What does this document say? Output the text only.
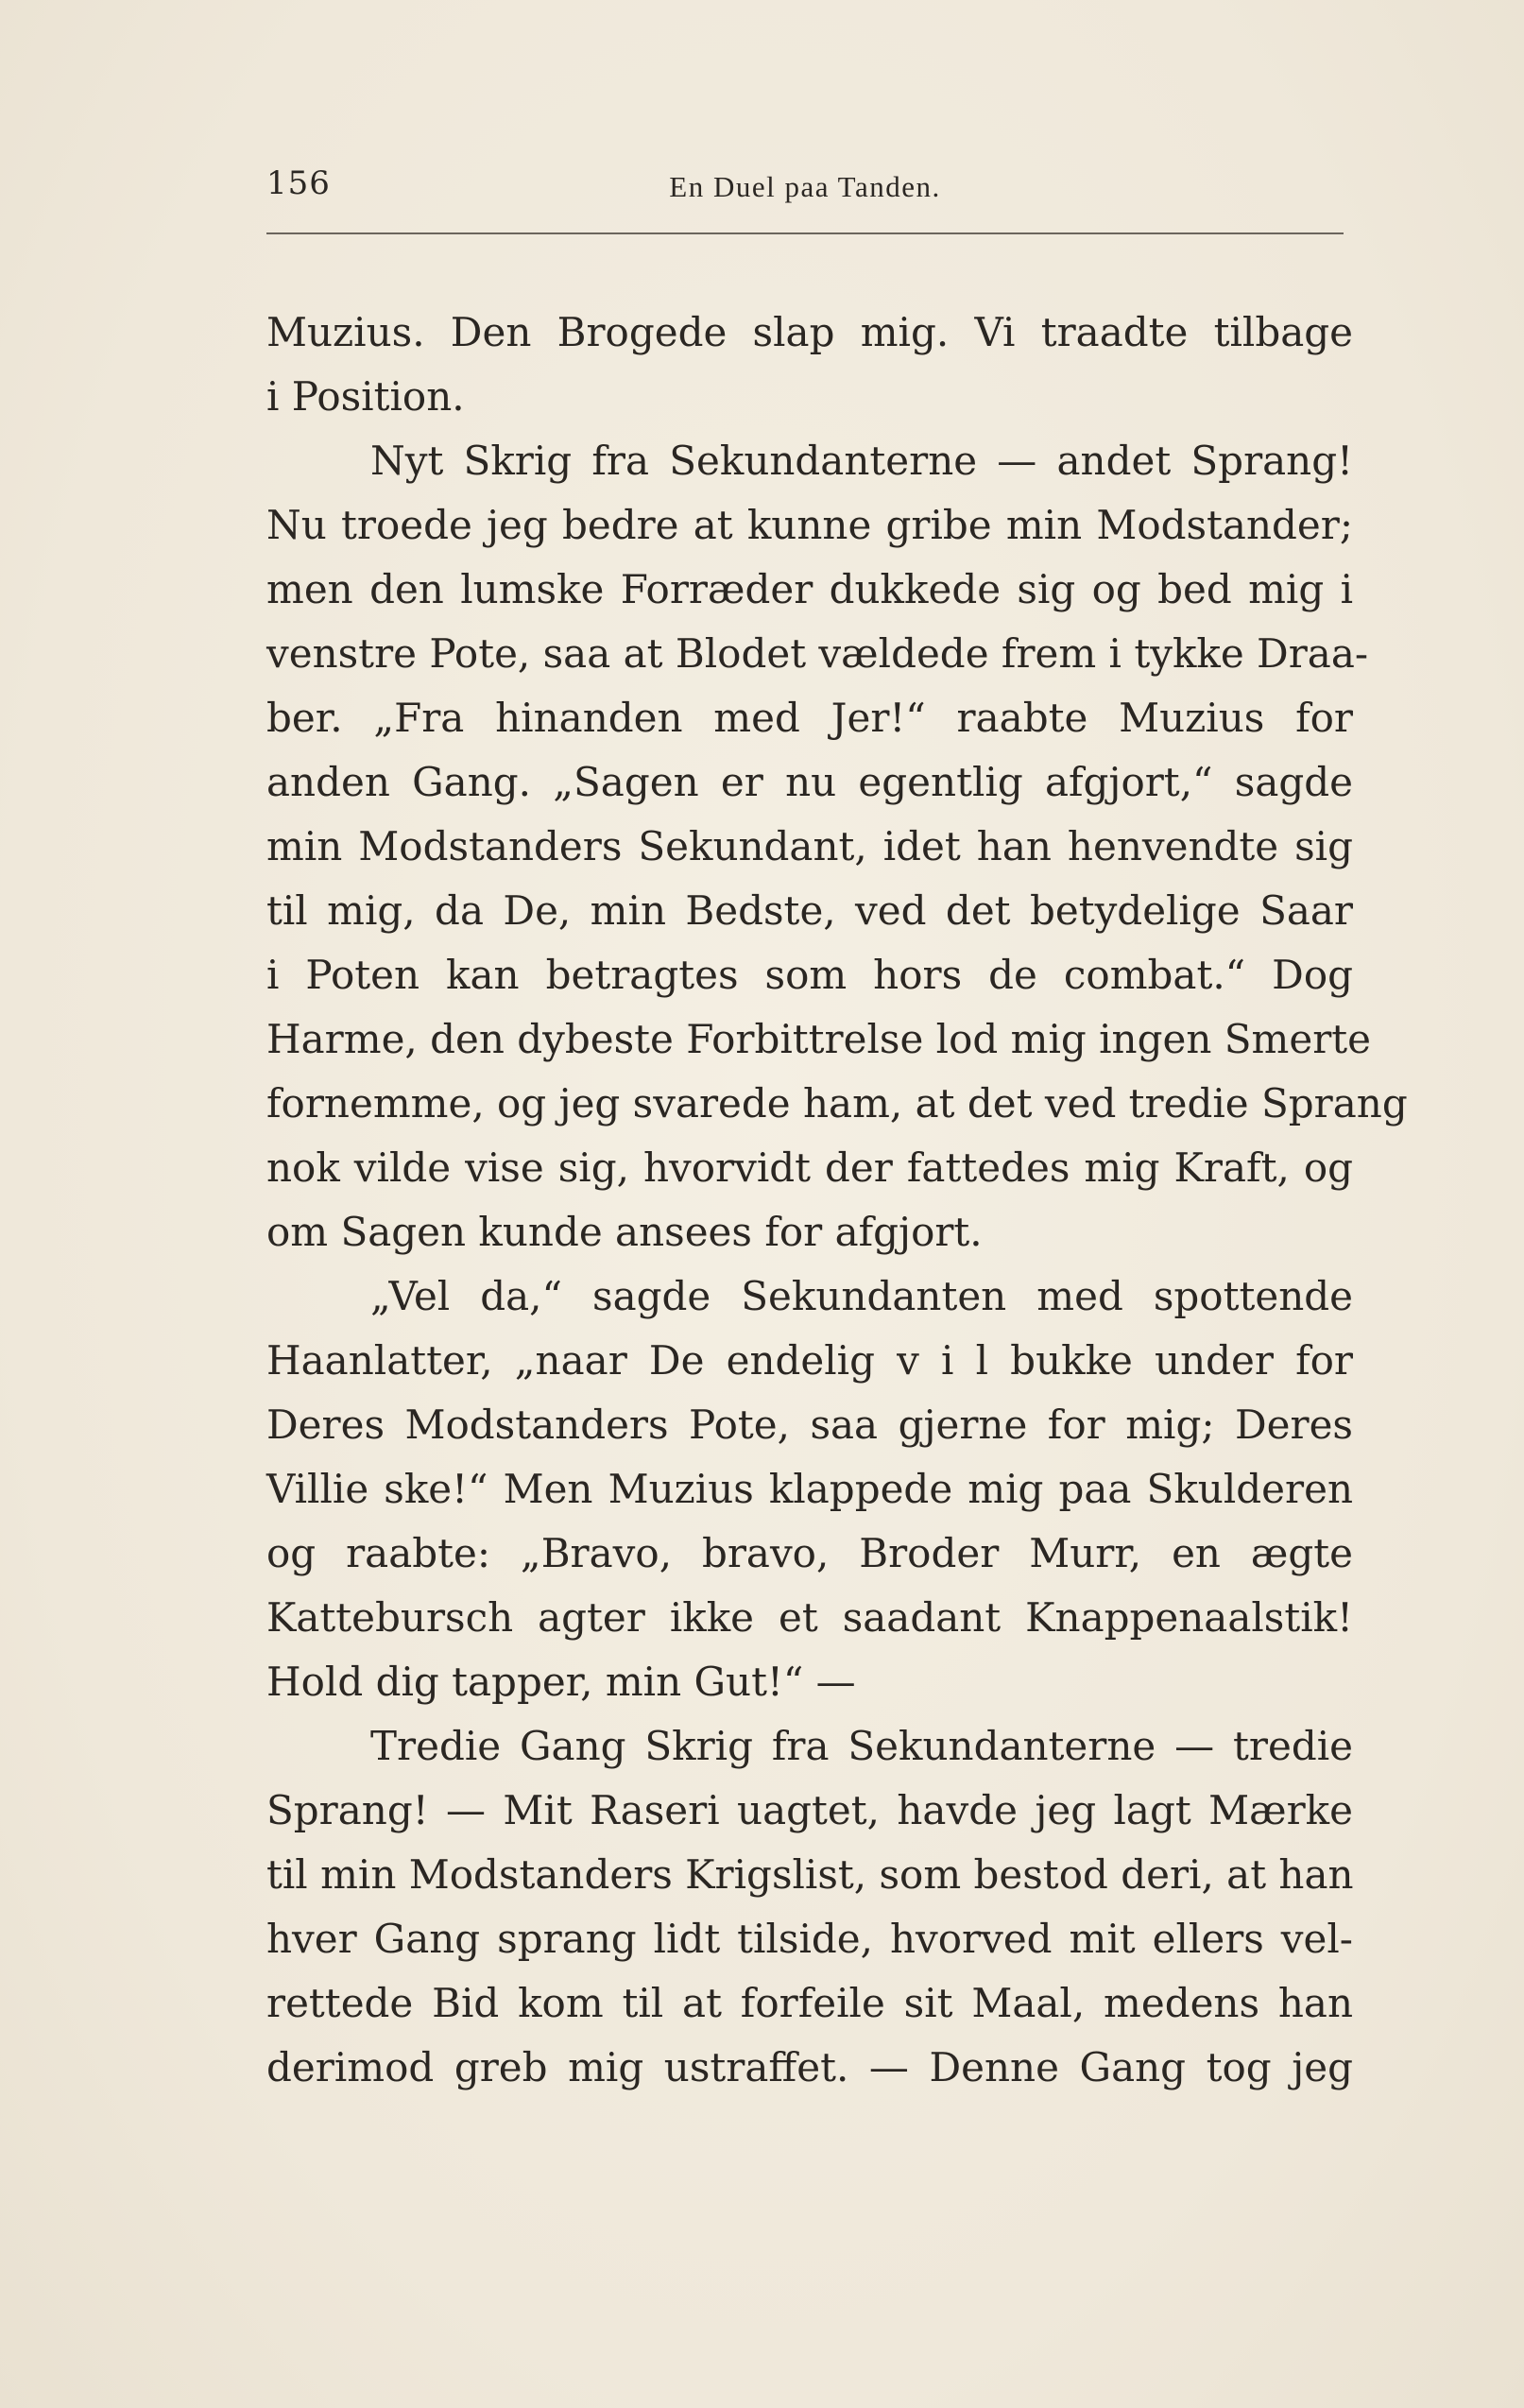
156	En Duel paa Tanden.
Muzius. Den Brogede slap mig. Vi traadte tilbage
i Position.
Nyt Skrig fra Sekundanterne — andet Sprang!
Nu troede jeg bedre at kunne gribe min Modstander;
men den lumske Forræder dukkede sig og bed mig i
venstre Pote, saa at Blodet vældede frem i tykke Draa-
ber. „Fra hinanden med Jer!“ raabte Muzius for
anden Gang. „Sagen er nu egentlig afgjort,“ sagde
min Modstanders Sekundant, idet han henvendte sig
til mig, da De, min Bedste, ved det betydelige Saar
i Poten kan betragtes som hors de combat.“ Dog
Harme, den dybeste Forbittrelse lod mig ingen Smerte
fornemme, og jeg svarede ham, at det ved tredie Sprang
nok vilde vise sig, hvorvidt der fattedes mig Kraft, og
om Sagen kunde ansees for afgjort.
„Vel da,“ sagde Sekundanten med spottende
Haanlatter, „naar De endelig v i l bukke under for
Deres Modstanders Pote, saa gjerne for mig; Deres
Villie ske!“ Men Muzius klappede mig paa Skulderen
og raabte: „Bravo, bravo, Broder Murr, en ægte
Kattebursch agter ikke et saadant Knappenaalstik!
Hold dig tapper, min Gut!“ —
Tredie Gang Skrig fra Sekundanterne — tredie
Sprang! — Mit Raseri uagtet, havde jeg lagt Mærke
til min Modstanders Krigslist, som bestod deri, at han
hver Gang sprang lidt tilside, hvorved mit ellers vel-
rettede Bid kom til at forfeile sit Maal, medens han
derimod greb mig ustraffet. — Denne Gang tog jeg
